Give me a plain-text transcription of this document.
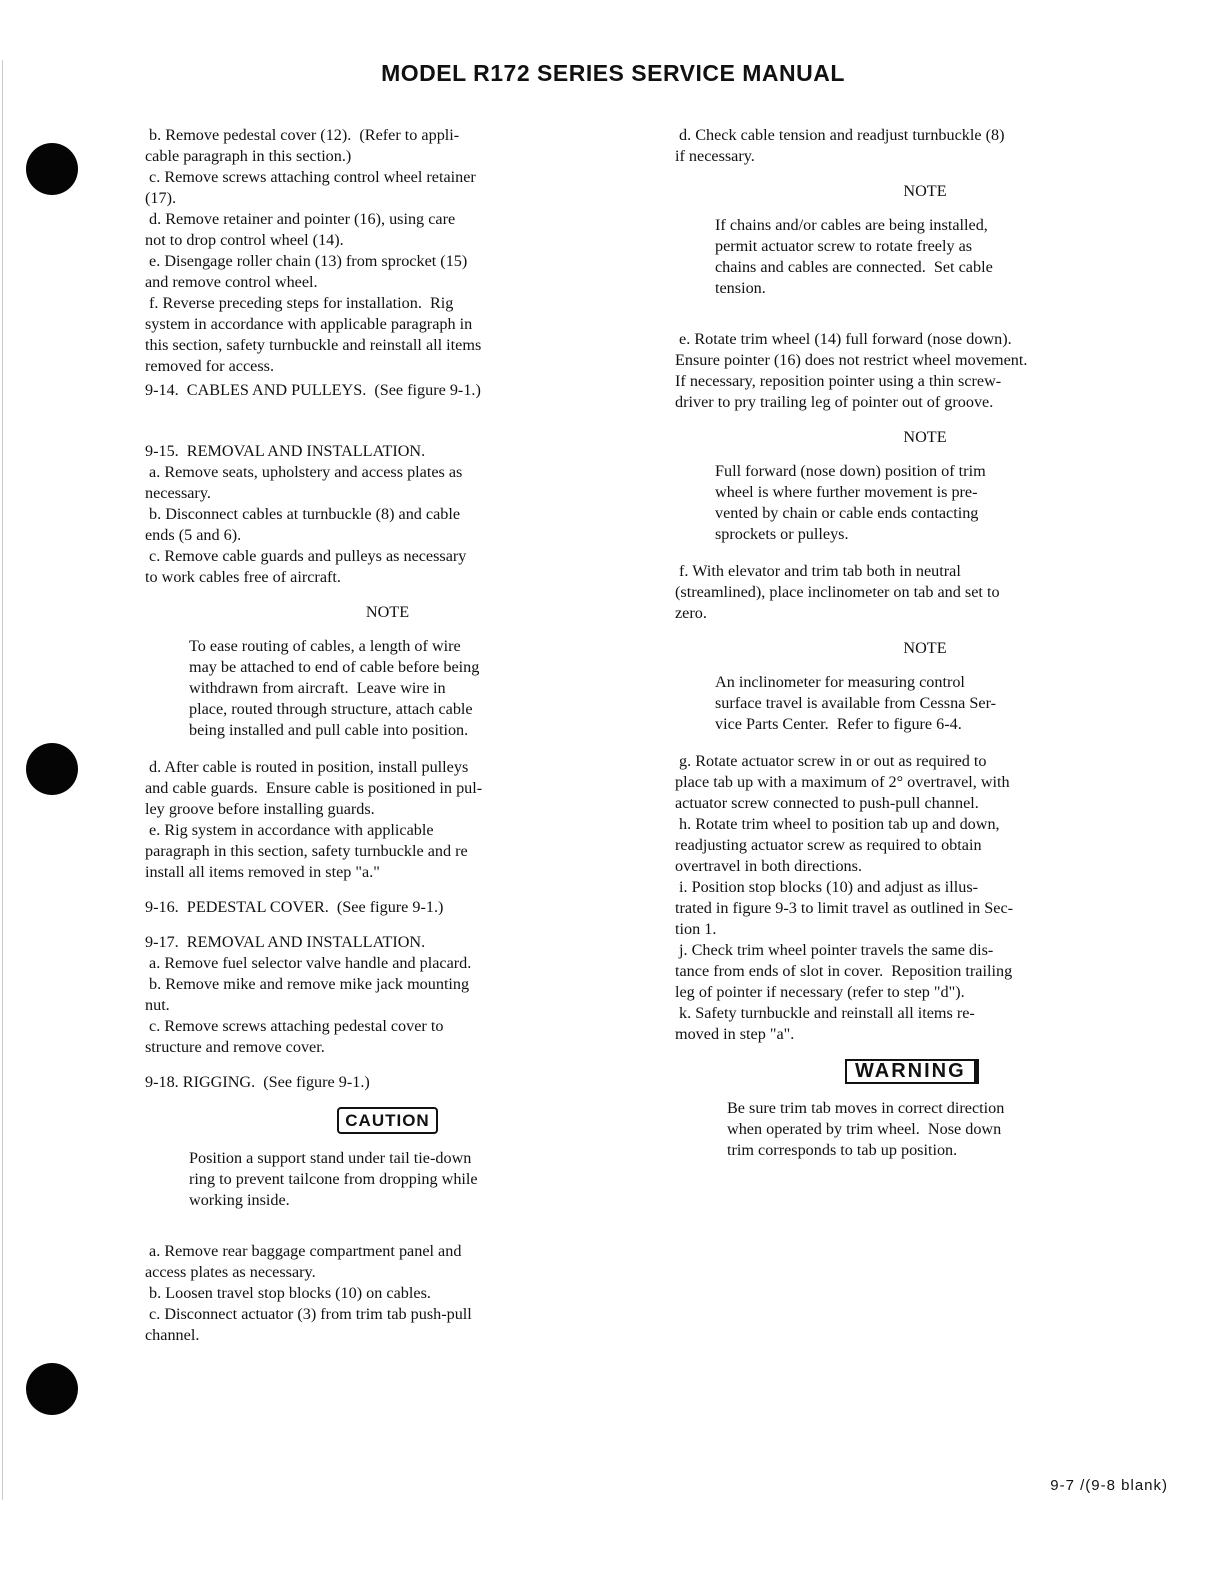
MODEL R172 SERIES SERVICE MANUAL
b. Remove pedestal cover (12).  (Refer to appli-
cable paragraph in this section.)
c. Remove screws attaching control wheel retainer
(17).
d. Remove retainer and pointer (16), using care
not to drop control wheel (14).
e. Disengage roller chain (13) from sprocket (15)
and remove control wheel.
f. Reverse preceding steps for installation.  Rig
system in accordance with applicable paragraph in
this section, safety turnbuckle and reinstall all items
removed for access.
9-14.  CABLES AND PULLEYS.  (See figure 9-1.)
9-15.  REMOVAL AND INSTALLATION.
a. Remove seats, upholstery and access plates as
necessary.
b. Disconnect cables at turnbuckle (8) and cable
ends (5 and 6).
c. Remove cable guards and pulleys as necessary
to work cables free of aircraft.
NOTE
To ease routing of cables, a length of wire
may be attached to end of cable before being
withdrawn from aircraft.  Leave wire in
place, routed through structure, attach cable
being installed and pull cable into position.
d. After cable is routed in position, install pulleys
and cable guards.  Ensure cable is positioned in pul-
ley groove before installing guards.
e. Rig system in accordance with applicable
paragraph in this section, safety turnbuckle and re
install all items removed in step "a."
9-16.  PEDESTAL COVER.  (See figure 9-1.)
9-17.  REMOVAL AND INSTALLATION.
a. Remove fuel selector valve handle and placard.
b. Remove mike and remove mike jack mounting
nut.
c. Remove screws attaching pedestal cover to
structure and remove cover.
9-18. RIGGING.  (See figure 9-1.)
CAUTION
Position a support stand under tail tie-down
ring to prevent tailcone from dropping while
working inside.
a. Remove rear baggage compartment panel and
access plates as necessary.
b. Loosen travel stop blocks (10) on cables.
c. Disconnect actuator (3) from trim tab push-pull
channel.
d. Check cable tension and readjust turnbuckle (8)
if necessary.
NOTE
If chains and/or cables are being installed,
permit actuator screw to rotate freely as
chains and cables are connected.  Set cable
tension.
e. Rotate trim wheel (14) full forward (nose down).
Ensure pointer (16) does not restrict wheel movement.
If necessary, reposition pointer using a thin screw-
driver to pry trailing leg of pointer out of groove.
NOTE
Full forward (nose down) position of trim
wheel is where further movement is pre-
vented by chain or cable ends contacting
sprockets or pulleys.
f. With elevator and trim tab both in neutral
(streamlined), place inclinometer on tab and set to
zero.
NOTE
An inclinometer for measuring control
surface travel is available from Cessna Ser-
vice Parts Center.  Refer to figure 6-4.
g. Rotate actuator screw in or out as required to
place tab up with a maximum of 2° overtravel, with
actuator screw connected to push-pull channel.
h. Rotate trim wheel to position tab up and down,
readjusting actuator screw as required to obtain
overtravel in both directions.
i. Position stop blocks (10) and adjust as illus-
trated in figure 9-3 to limit travel as outlined in Sec-
tion 1.
j. Check trim wheel pointer travels the same dis-
tance from ends of slot in cover.  Reposition trailing
leg of pointer if necessary (refer to step "d").
k. Safety turnbuckle and reinstall all items re-
moved in step "a".
WARNING
Be sure trim tab moves in correct direction
when operated by trim wheel.  Nose down
trim corresponds to tab up position.
9-7 /(9-8 blank)
